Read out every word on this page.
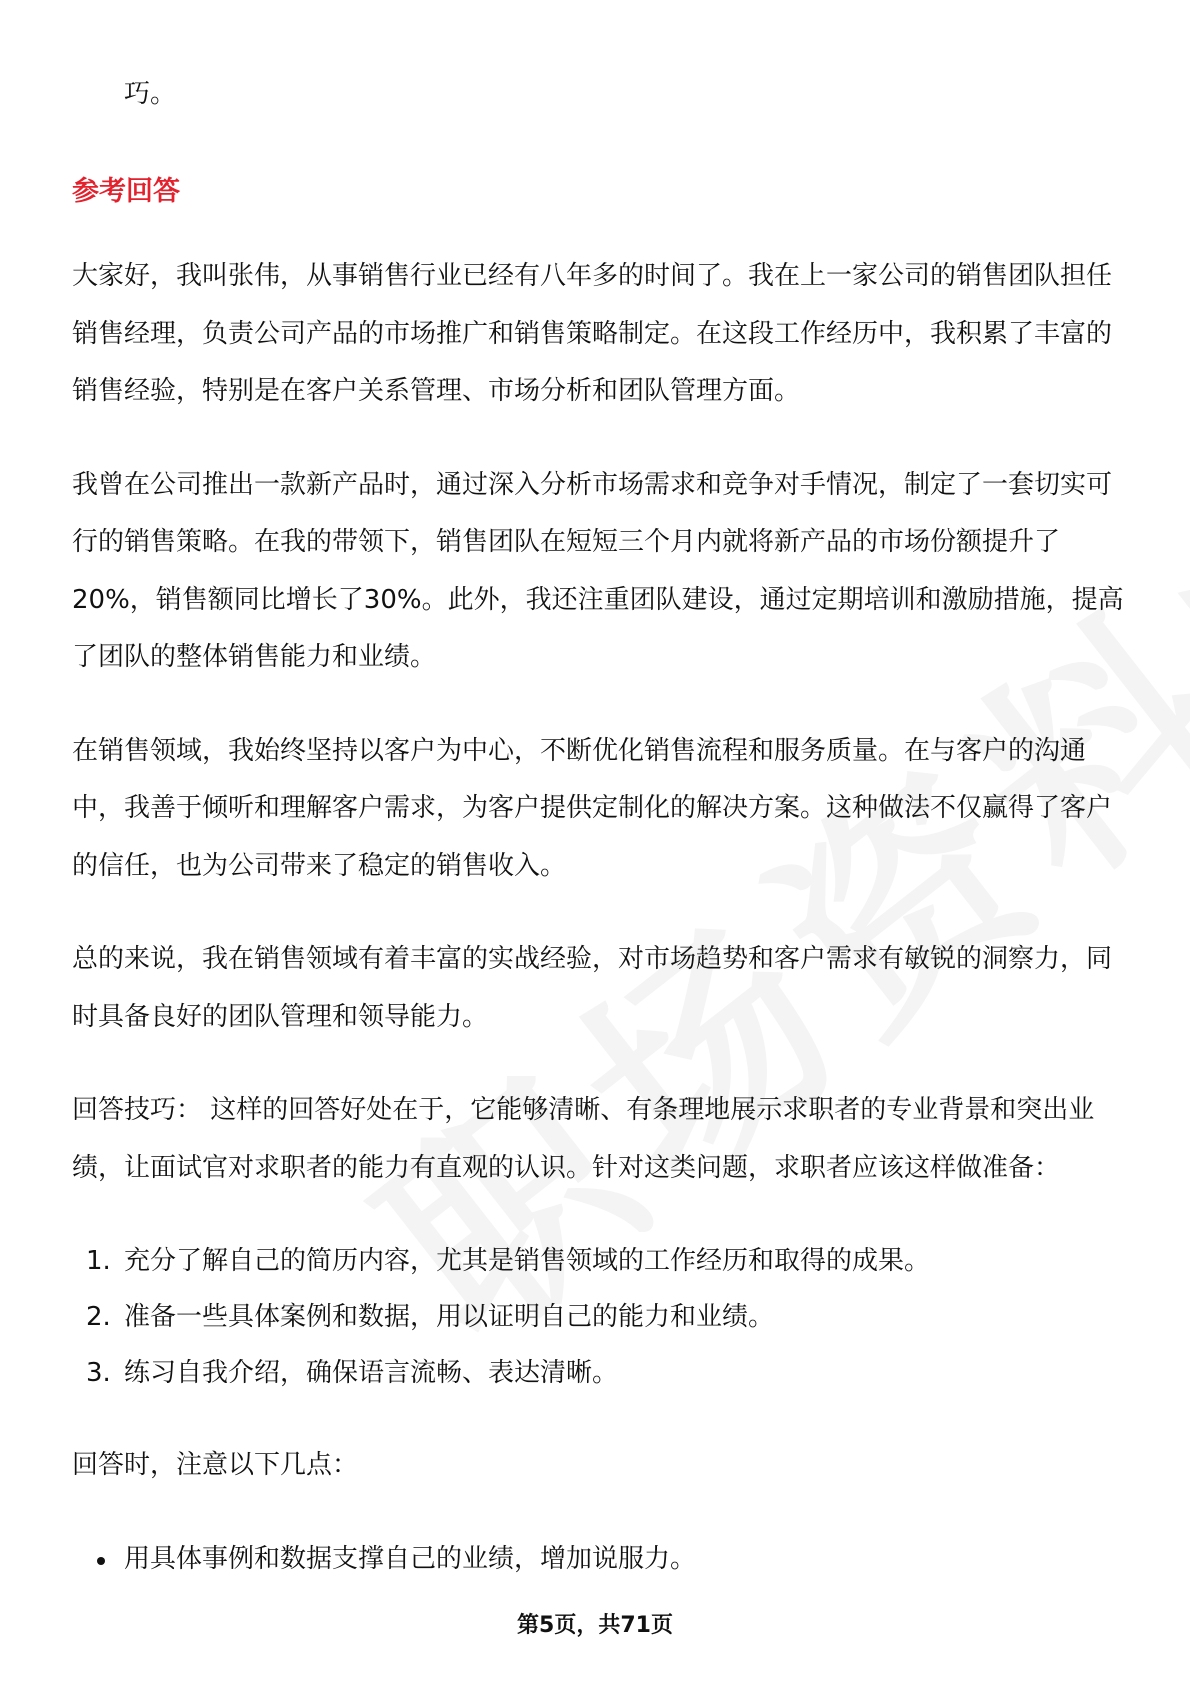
巧。

参考回答

大家好，我叫张伟，从事销售行业已经有八年多的时间了。我在上一家公司的销售团队担任销售经理，负责公司产品的市场推广和销售策略制定。在这段工作经历中，我积累了丰富的销售经验，特别是在客户关系管理、市场分析和团队管理方面。

我曾在公司推出一款新产品时，通过深入分析市场需求和竞争对手情况，制定了一套切实可行的销售策略。在我的带领下，销售团队在短短三个月内就将新产品的市场份额提升了20%，销售额同比增长了30%。此外，我还注重团队建设，通过定期培训和激励措施，提高了团队的整体销售能力和业绩。

在销售领域，我始终坚持以客户为中心，不断优化销售流程和服务质量。在与客户的沟通中，我善于倾听和理解客户需求，为客户提供定制化的解决方案。这种做法不仅赢得了客户的信任，也为公司带来了稳定的销售收入。

总的来说，我在销售领域有着丰富的实战经验，对市场趋势和客户需求有敏锐的洞察力，同时具备良好的团队管理和领导能力。

回答技巧： 这样的回答好处在于，它能够清晰、有条理地展示求职者的专业背景和突出业绩，让面试官对求职者的能力有直观的认识。针对这类问题，求职者应该这样做准备：

1. 充分了解自己的简历内容，尤其是销售领域的工作经历和取得的成果。
2. 准备一些具体案例和数据，用以证明自己的能力和业绩。
3. 练习自我介绍，确保语言流畅、表达清晰。

回答时，注意以下几点：

用具体事例和数据支撑自己的业绩，增加说服力。
第5页，共71页
